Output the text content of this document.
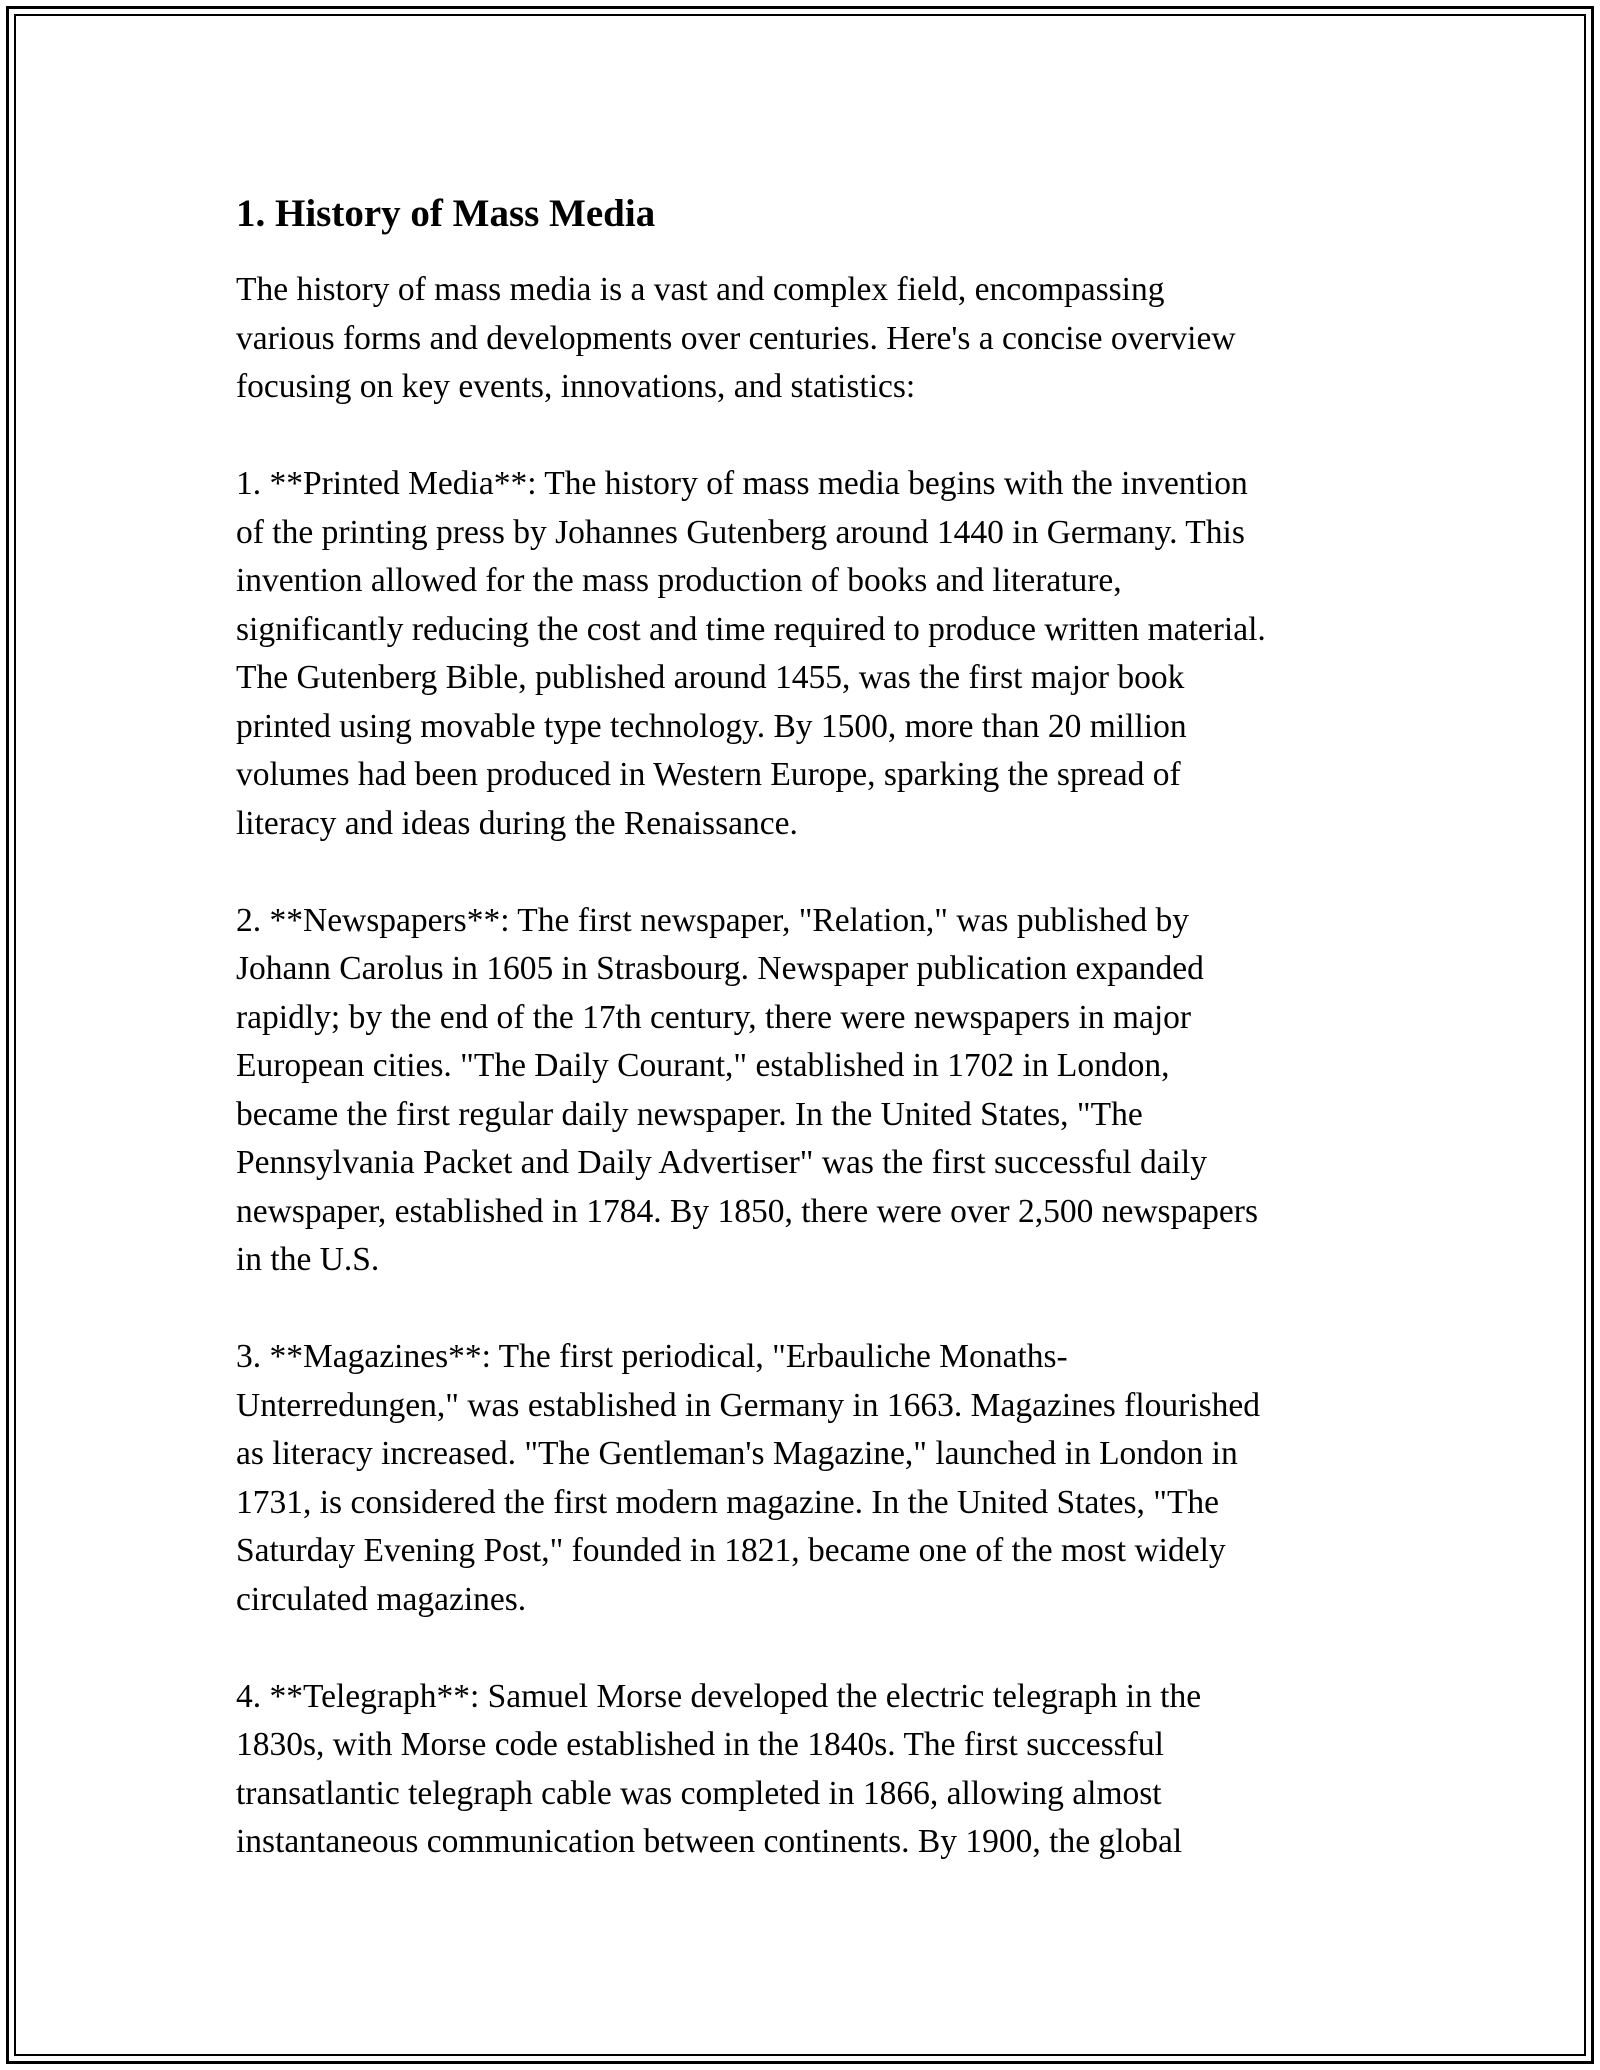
1. History of Mass Media
The history of mass media is a vast and complex field, encompassing
various forms and developments over centuries. Here's a concise overview
focusing on key events, innovations, and statistics:
1. **Printed Media**: The history of mass media begins with the invention
of the printing press by Johannes Gutenberg around 1440 in Germany. This
invention allowed for the mass production of books and literature,
significantly reducing the cost and time required to produce written material.
The Gutenberg Bible, published around 1455, was the first major book
printed using movable type technology. By 1500, more than 20 million
volumes had been produced in Western Europe, sparking the spread of
literacy and ideas during the Renaissance.
2. **Newspapers**: The first newspaper, "Relation," was published by
Johann Carolus in 1605 in Strasbourg. Newspaper publication expanded
rapidly; by the end of the 17th century, there were newspapers in major
European cities. "The Daily Courant," established in 1702 in London,
became the first regular daily newspaper. In the United States, "The
Pennsylvania Packet and Daily Advertiser" was the first successful daily
newspaper, established in 1784. By 1850, there were over 2,500 newspapers
in the U.S.
3. **Magazines**: The first periodical, "Erbauliche Monaths-
Unterredungen," was established in Germany in 1663. Magazines flourished
as literacy increased. "The Gentleman's Magazine," launched in London in
1731, is considered the first modern magazine. In the United States, "The
Saturday Evening Post," founded in 1821, became one of the most widely
circulated magazines.
4. **Telegraph**: Samuel Morse developed the electric telegraph in the
1830s, with Morse code established in the 1840s. The first successful
transatlantic telegraph cable was completed in 1866, allowing almost
instantaneous communication between continents. By 1900, the global
